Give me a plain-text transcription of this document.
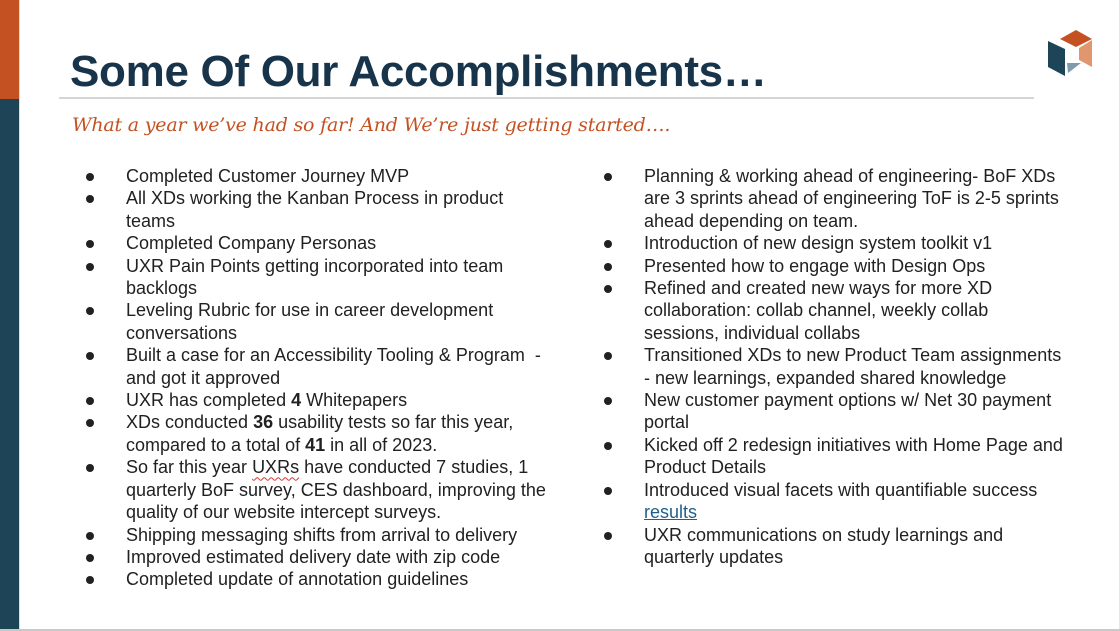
Some Of Our Accomplishments…
What a year we’ve had so far! And We’re just getting started….
Completed Customer Journey MVP
All XDs working the Kanban Process in product teams
Completed Company Personas
UXR Pain Points getting incorporated into team backlogs
Leveling Rubric for use in career development conversations
Built a case for an Accessibility Tooling & Program  - and got it approved
UXR has completed 4 Whitepapers
XDs conducted 36 usability tests so far this year, compared to a total of 41 in all of 2023.
So far this year UXRs have conducted 7 studies, 1 quarterly BoF survey, CES dashboard, improving the quality of our website intercept surveys.
Shipping messaging shifts from arrival to delivery
Improved estimated delivery date with zip code
Completed update of annotation guidelines
Planning & working ahead of engineering- BoF XDs are 3 sprints ahead of engineering ToF is 2-5 sprints ahead depending on team.
Introduction of new design system toolkit v1
Presented how to engage with Design Ops
Refined and created new ways for more XD collaboration: collab channel, weekly collab sessions, individual collabs
Transitioned XDs to new Product Team assignments - new learnings, expanded shared knowledge
New customer payment options w/ Net 30 payment portal
Kicked off 2 redesign initiatives with Home Page and Product Details
Introduced visual facets with quantifiable success results
UXR communications on study learnings and quarterly updates
